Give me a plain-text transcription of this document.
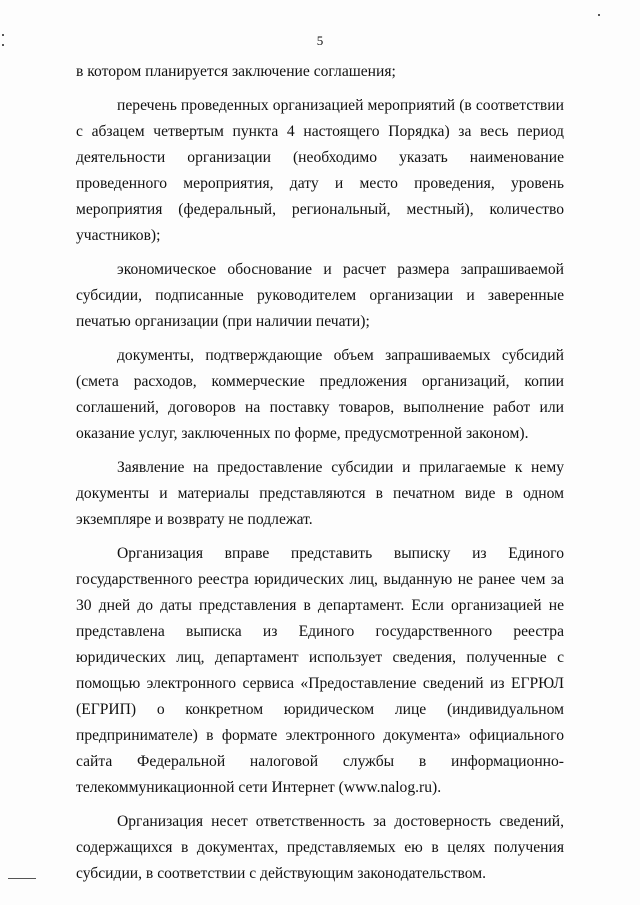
5

в котором планируется заключение соглашения;

перечень проведенных организацией мероприятий (в соответствии с абзацем четвертым пункта 4 настоящего Порядка) за весь период деятельности организации (необходимо указать наименование проведенного мероприятия, дату и место проведения, уровень мероприятия (федеральный, региональный, местный), количество участников);

экономическое обоснование и расчет размера запрашиваемой субсидии, подписанные руководителем организации и заверенные печатью организации (при наличии печати);

документы, подтверждающие объем запрашиваемых субсидий (смета расходов, коммерческие предложения организаций, копии соглашений, договоров на поставку товаров, выполнение работ или оказание услуг, заключенных по форме, предусмотренной законом).

Заявление на предоставление субсидии и прилагаемые к нему документы и материалы представляются в печатном виде в одном экземпляре и возврату не подлежат.

Организация вправе представить выписку из Единого государственного реестра юридических лиц, выданную не ранее чем за 30 дней до даты представления в департамент. Если организацией не представлена выписка из Единого государственного реестра юридических лиц, департамент использует сведения, полученные с помощью электронного сервиса «Предоставление сведений из ЕГРЮЛ (ЕГРИП) о конкретном юридическом лице (индивидуальном предпринимателе) в формате электронного документа» официального сайта Федеральной налоговой службы в информационно-телекоммуникационной сети Интернет (www.nalog.ru).

Организация несет ответственность за достоверность сведений, содержащихся в документах, представляемых ею в целях получения субсидии, в соответствии с действующим законодательством.
